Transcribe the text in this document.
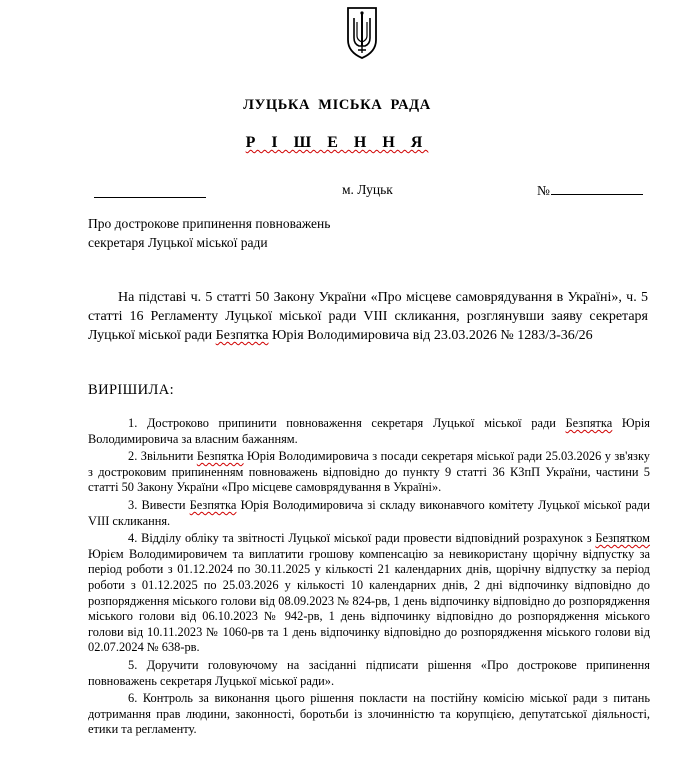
ЛУЦЬКА МІСЬКА РАДА
Р І Ш Е Н Н Я
м. Луцьк	№
Про дострокове припинення повноважень
секретаря Луцької міської ради
На підставі ч. 5 статті 50 Закону України «Про місцеве самоврядування в Україні», ч. 5 статті 16 Регламенту Луцької міської ради VIII скликання, розглянувши заяву секретаря Луцької міської ради Безпятка Юрія Володимировича від 23.03.2026 № 1283/3-36/26
ВИРІШИЛА:

1. Достроково припинити повноваження секретаря Луцької міської ради Безпятка Юрія Володимировича за власним бажанням.

2. Звільнити Безпятка Юрія Володимировича з посади секретаря міської ради 25.03.2026 у зв'язку з достроковим припиненням повноважень відповідно до пункту 9 статті 36 КЗпП України, частини 5 статті 50 Закону України «Про місцеве самоврядування в Україні».

3. Вивести Безпятка Юрія Володимировича зі складу виконавчого комітету Луцької міської ради VIII скликання.

4. Відділу обліку та звітності Луцької міської ради провести відповідний розрахунок з Безпятком Юрієм Володимировичем та виплатити грошову компенсацію за невикористану щорічну відпустку за період роботи з 01.12.2024 по 30.11.2025 у кількості 21 календарних днів, щорічну відпустку за період роботи з 01.12.2025 по 25.03.2026 у кількості 10 календарних днів, 2 дні відпочинку відповідно до розпорядження міського голови від 08.09.2023 № 824-рв, 1 день відпочинку відповідно до розпорядження міського голови від 06.10.2023 № 942-рв, 1 день відпочинку відповідно до розпорядження міського голови від 10.11.2023 № 1060-рв та 1 день відпочинку відповідно до розпорядження міського голови від 02.07.2024 № 638-рв.

5. Доручити головуючому на засіданні підписати рішення «Про дострокове припинення повноважень секретаря Луцької міської ради».

6. Контроль за виконання цього рішення покласти на постійну комісію міської ради з питань дотримання прав людини, законності, боротьби із злочинністю та корупцією, депутатської діяльності, етики та регламенту.
